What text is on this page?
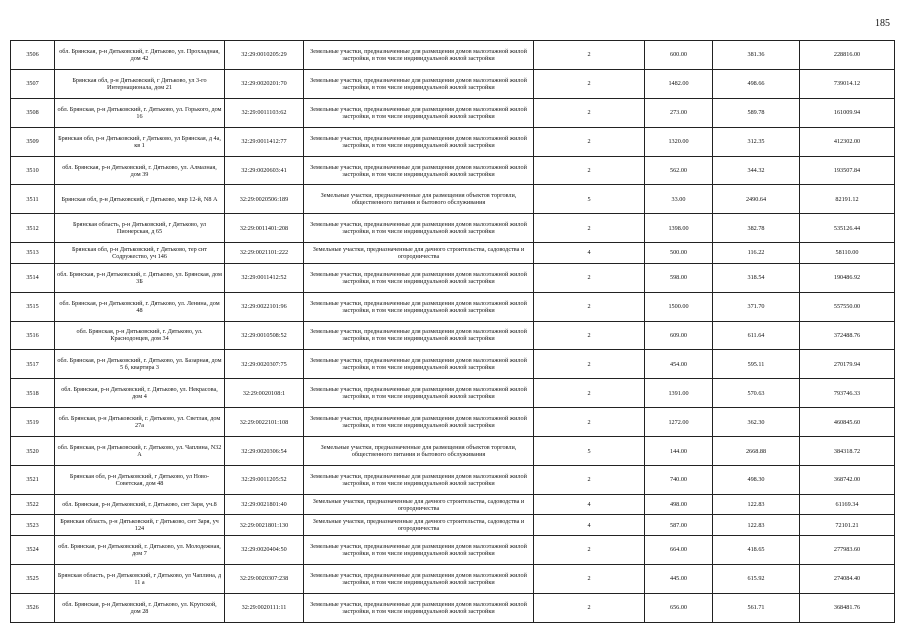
185
3506	обл. Брянская, р-н Дятьковский, г. Дятьково, ул. Прохладная, дом 42	32:29:0010205:29	Земельные участки, предназначенные для размещения домов малоэтажной жилой застройки, в том числе индивидуальной жилой застройки	2	600.00	381.36	228816.00
3507	Брянская обл, р-н Дятьковский, г Дятьково, ул 3-го Интернационала, дом 21	32:29:0020201:70	Земельные участки, предназначенные для размещения домов малоэтажной жилой застройки, в том числе индивидуальной жилой застройки	2	1482.00	498.66	739014.12
3508	обл. Брянская, р-н Дятьковский, г. Дятьково, ул. Горького, дом 16	32:29:0011103:62	Земельные участки, предназначенные для размещения домов малоэтажной жилой застройки, в том числе индивидуальной жилой застройки	2	273.00	589.78	161009.94
3509	Брянская обл, р-н Дятьковский, г Дятьково, ул Брянская, д 4а, кв 1	32:29:0011412:77	Земельные участки, предназначенные для размещения домов малоэтажной жилой застройки, в том числе индивидуальной жилой застройки	2	1320.00	312.35	412302.00
3510	обл. Брянская, р-н Дятьковский, г. Дятьково, ул. Алмазная, дом 39	32:29:0020603:41	Земельные участки, предназначенные для размещения домов малоэтажной жилой застройки, в том числе индивидуальной жилой застройки	2	562.00	344.32	193507.84
3511	Брянская обл, р-н Дятьковский, г Дятьково, мкр 12-й, N8 А	32:29:0020506:189	Земельные участки, предназначенные для размещения объектов торговли, общественного питания и бытового обслуживания	5	33.00	2490.64	82191.12
3512	Брянская область, р-н Дятьковский, г Дятьково, ул Пионерская, д 65	32:29:0011401:208	Земельные участки, предназначенные для размещения домов малоэтажной жилой застройки, в том числе индивидуальной жилой застройки	2	1398.00	382.78	535126.44
3513	Брянская обл, р-н Дятьковский, г Дятьково, тер снт Содружество, уч 146	32:29:0021101:222	Земельные участки, предназначенные для дачного строительства, садоводства и огородничества	4	500.00	116.22	58110.00
3514	обл. Брянская, р-н Дятьковский, г. Дятьково, ул. Брянская, дом 3Б	32:29:0011412:52	Земельные участки, предназначенные для размещения домов малоэтажной жилой застройки, в том числе индивидуальной жилой застройки	2	598.00	318.54	190486.92
3515	обл. Брянская, р-н Дятьковский, г. Дятьково, ул. Ленина, дом 48	32:29:0022101:96	Земельные участки, предназначенные для размещения домов малоэтажной жилой застройки, в том числе индивидуальной жилой застройки	2	1500.00	371.70	557550.00
3516	обл. Брянская, р-н Дятьковский, г. Дятьково, ул. Краснодонцев, дом 34	32:29:0010508:52	Земельные участки, предназначенные для размещения домов малоэтажной жилой застройки, в том числе индивидуальной жилой застройки	2	609.00	611.64	372488.76
3517	обл. Брянская, р-н Дятьковский, г. Дятьково, ул. Базарная, дом 5 б, квартира 3	32:29:0020307:75	Земельные участки, предназначенные для размещения домов малоэтажной жилой застройки, в том числе индивидуальной жилой застройки	2	454.00	595.11	270179.94
3518	обл. Брянская, р-н Дятьковский, г. Дятьково, ул. Некрасова, дом 4	32:29:0020108:1	Земельные участки, предназначенные для размещения домов малоэтажной жилой застройки, в том числе индивидуальной жилой застройки	2	1391.00	570.63	793746.33
3519	обл. Брянская, р-н Дятьковский, г. Дятьково, ул. Светлая, дом 27а	32:29:0022101:108	Земельные участки, предназначенные для размещения домов малоэтажной жилой застройки, в том числе индивидуальной жилой застройки	2	1272.00	362.30	460845.60
3520	обл. Брянская, р-н Дятьковский, г. Дятьково, ул. Чаплина, N32 А	32:29:0020306:54	Земельные участки, предназначенные для размещения объектов торговли, общественного питания и бытового обслуживания	5	144.00	2668.88	384318.72
3521	Брянская обл, р-н Дятьковский, г Дятьково, ул Ново-Советская, дом 48	32:29:0011205:52	Земельные участки, предназначенные для размещения домов малоэтажной жилой застройки, в том числе индивидуальной жилой застройки	2	740.00	498.30	368742.00
3522	обл. Брянская, р-н Дятьковский, г. Дятьково, снт Заря, уч.8	32:29:0021801:40	Земельные участки, предназначенные для дачного строительства, садоводства и огородничества	4	498.00	122.83	61169.34
3523	Брянская область, р-н Дятьковский, г Дятьково, снт Заря, уч 124	32:29:0021801:130	Земельные участки, предназначенные для дачного строительства, садоводства и огородничества	4	587.00	122.83	72101.21
3524	обл. Брянская, р-н Дятьковский, г. Дятьково, ул. Молодежная, дом 7	32:29:0020404:50	Земельные участки, предназначенные для размещения домов малоэтажной жилой застройки, в том числе индивидуальной жилой застройки	2	664.00	418.65	277983.60
3525	Брянская область, р-н Дятьковский, г Дятьково, ул Чаплина, д 11 а	32:29:0020307:238	Земельные участки, предназначенные для размещения домов малоэтажной жилой застройки, в том числе индивидуальной жилой застройки	2	445.00	615.92	274084.40
3526	обл. Брянская, р-н Дятьковский, г. Дятьково, ул. Крупской, дом 28	32:29:0020111:11	Земельные участки, предназначенные для размещения домов малоэтажной жилой застройки, в том числе индивидуальной жилой застройки	2	656.00	561.71	368481.76
